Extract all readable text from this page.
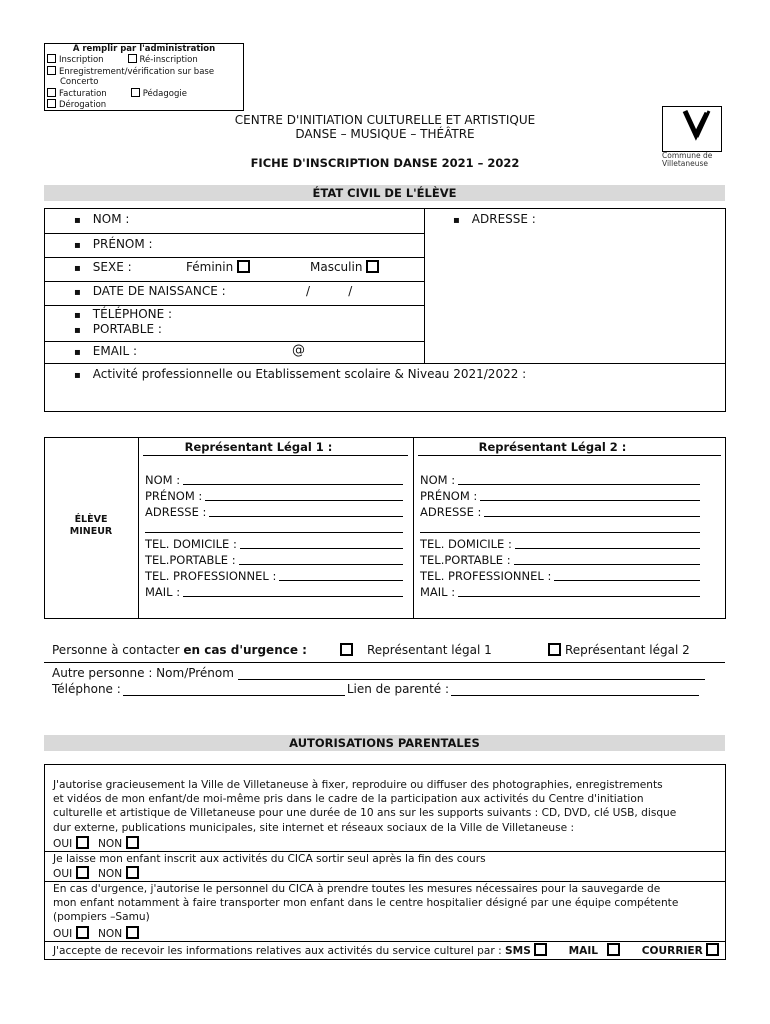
A remplir par l'administration
Inscription	Ré-inscription
Enregistrement/vérification sur base
Concerto
Facturation	Pédagogie
Dérogation
CENTRE D'INITIATION CULTURELLE ET ARTISTIQUE
DANSE – MUSIQUE – THÉÂTRE
FICHE D'INSCRIPTION DANSE 2021 – 2022
Commune de
Villetaneuse
ÉTAT CIVIL DE L'ÉLÈVE
▪ NOM :
▪ PRÉNOM :
▪ SEXE :	Féminin	Masculin
▪ DATE DE NAISSANCE :	/          /
▪ TÉLÉPHONE :
▪ PORTABLE :
▪ EMAIL :	@
▪ ADRESSE :
▪ Activité professionnelle ou Etablissement scolaire & Niveau 2021/2022 :
ÉLÈVE
MINEUR
Représentant Légal 1 :	Représentant Légal 2 :
NOM :
PRÉNOM :
ADRESSE :
TEL. DOMICILE :
TEL.PORTABLE :
TEL. PROFESSIONNEL :
MAIL :
NOM :
PRÉNOM :
ADRESSE :
TEL. DOMICILE :
TEL.PORTABLE :
TEL. PROFESSIONNEL :
MAIL :
Personne à contacter en cas d'urgence :	Représentant légal 1	Représentant légal 2
Autre personne : Nom/Prénom
Téléphone :	Lien de parenté :
AUTORISATIONS PARENTALES
J'autorise gracieusement la Ville de Villetaneuse à fixer, reproduire ou diffuser des photographies, enregistrements
et vidéos de mon enfant/de moi-même pris dans le cadre de la participation aux activités du Centre d'initiation
culturelle et artistique de Villetaneuse pour une durée de 10 ans sur les supports suivants : CD, DVD, clé USB, disque
dur externe, publications municipales, site internet et réseaux sociaux de la Ville de Villetaneuse :
OUI NON
Je laisse mon enfant inscrit aux activités du CICA sortir seul après la fin des cours
OUI NON
En cas d'urgence, j'autorise le personnel du CICA à prendre toutes les mesures nécessaires pour la sauvegarde de
mon enfant notamment à faire transporter mon enfant dans le centre hospitalier désigné par une équipe compétente
(pompiers –Samu)
OUI NON
J'accepte de recevoir les informations relatives aux activités du service culturel par : SMS	MAIL	COURRIER
